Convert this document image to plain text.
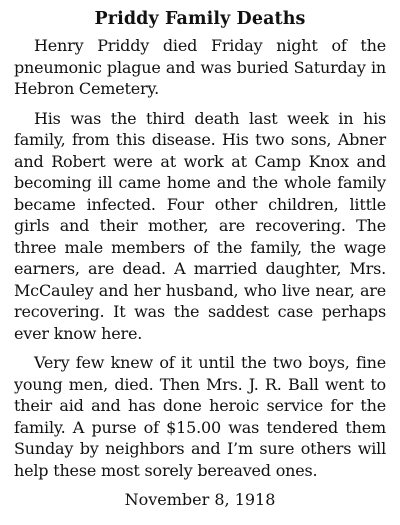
Priddy Family Deaths

Henry Priddy died Friday night of the pneumonic plague and was buried Saturday in Hebron Cemetery.

His was the third death last week in his family, from this disease. His two sons, Abner and Robert were at work at Camp Knox and becoming ill came home and the whole family became infected. Four other children, little girls and their mother, are recovering. The three male members of the family, the wage earners, are dead. A married daughter, Mrs. McCauley and her husband, who live near, are recovering. It was the saddest case perhaps ever know here.

Very few knew of it until the two boys, fine young men, died. Then Mrs. J. R. Ball went to their aid and has done heroic service for the family. A purse of $15.00 was tendered them Sunday by neighbors and I’m sure others will help these most sorely bereaved ones.

November 8, 1918
